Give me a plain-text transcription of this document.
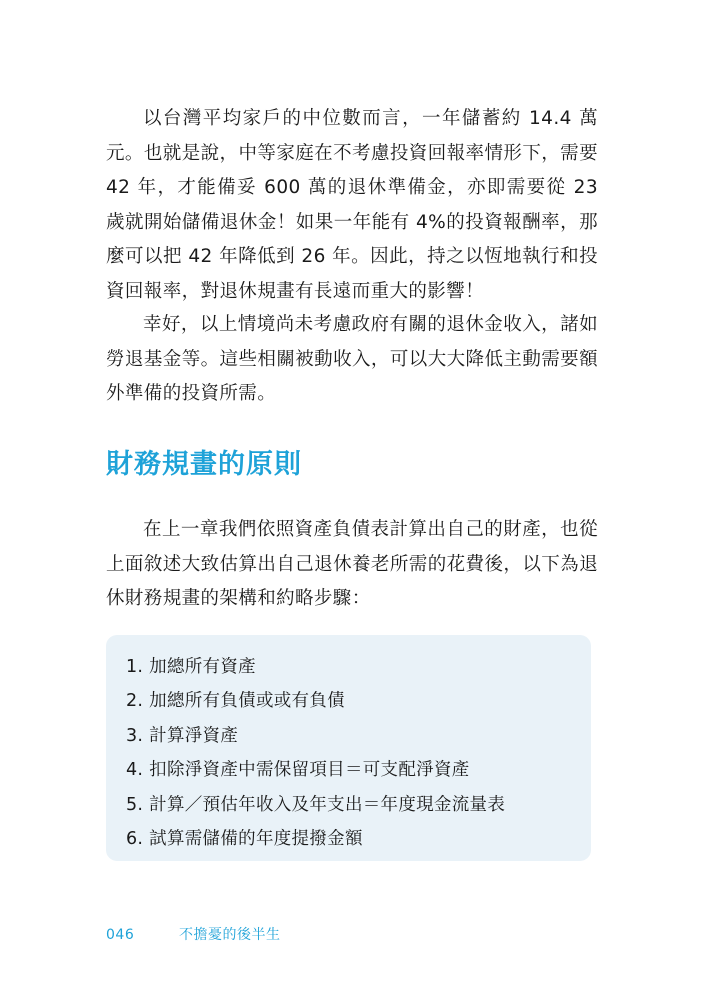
以台灣平均家戶的中位數而言，一年儲蓄約 14.4 萬元。也就是說，中等家庭在不考慮投資回報率情形下，需要 42 年，才能備妥 600 萬的退休準備金，亦即需要從 23 歲就開始儲備退休金！如果一年能有 4%的投資報酬率，那麼可以把 42 年降低到 26 年。因此，持之以恆地執行和投資回報率，對退休規畫有長遠而重大的影響！

幸好，以上情境尚未考慮政府有關的退休金收入，諸如勞退基金等。這些相關被動收入，可以大大降低主動需要額外準備的投資所需。

財務規畫的原則

在上一章我們依照資產負債表計算出自己的財產，也從上面敘述大致估算出自己退休養老所需的花費後，以下為退休財務規畫的架構和約略步驟：

1. 加總所有資產
2. 加總所有負債或或有負債
3. 計算淨資產
4. 扣除淨資產中需保留項目＝可支配淨資產
5. 計算／預估年收入及年支出＝年度現金流量表
6. 試算需儲備的年度提撥金額
046	不擔憂的後半生
